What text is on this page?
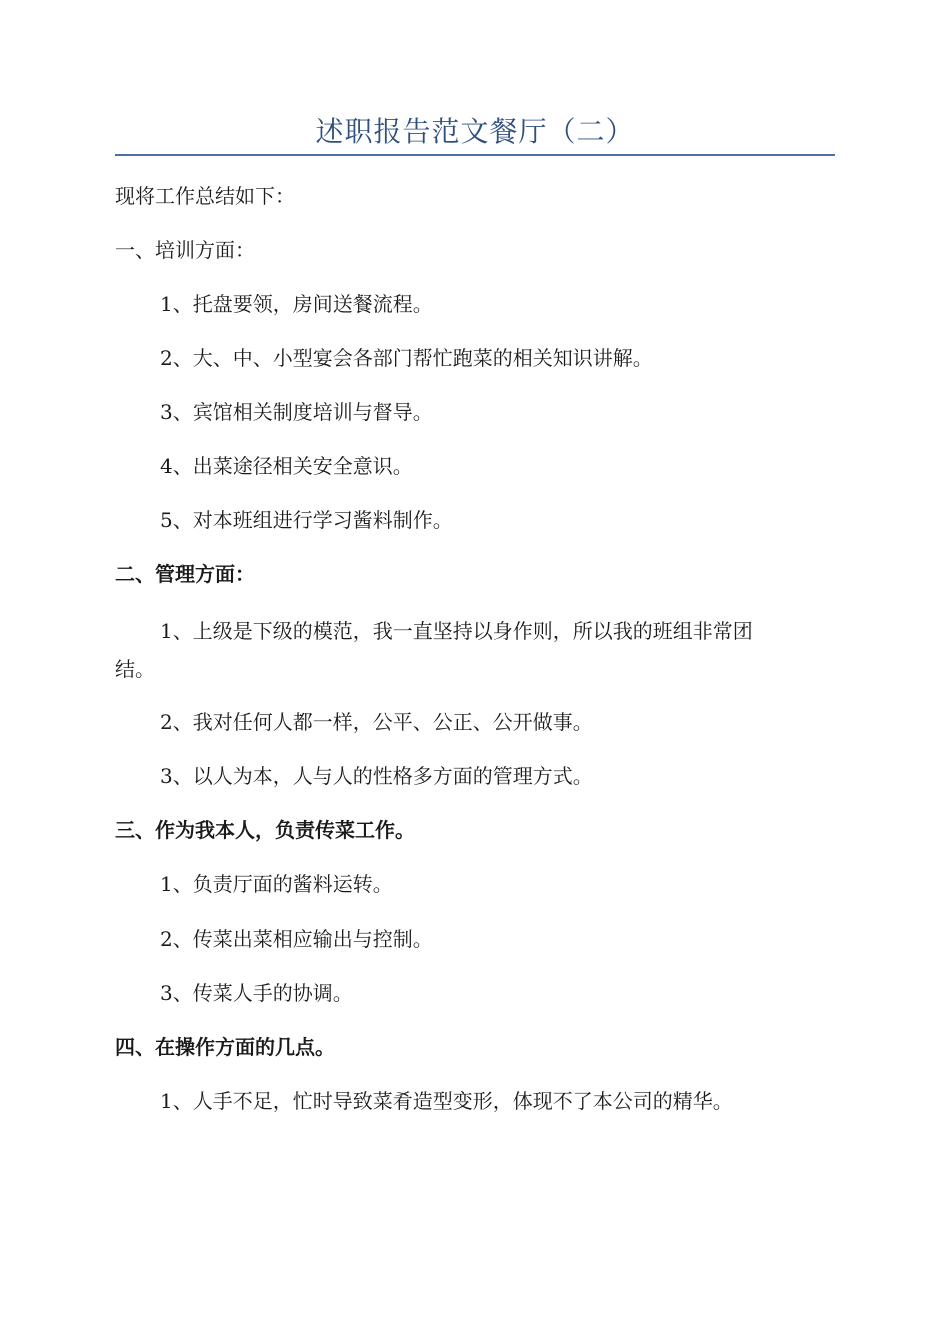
述职报告范文餐厅（二）
现将工作总结如下：
一、培训方面：
1、托盘要领，房间送餐流程。
2、大、中、小型宴会各部门帮忙跑菜的相关知识讲解。
3、宾馆相关制度培训与督导。
4、出菜途径相关安全意识。
5、对本班组进行学习酱料制作。
二、管理方面：
1、上级是下级的模范，我一直坚持以身作则，所以我的班组非常团
结。
2、我对任何人都一样，公平、公正、公开做事。
3、以人为本，人与人的性格多方面的管理方式。
三、作为我本人，负责传菜工作。
1、负责厅面的酱料运转。
2、传菜出菜相应输出与控制。
3、传菜人手的协调。
四、在操作方面的几点。
1、人手不足，忙时导致菜肴造型变形，体现不了本公司的精华。
